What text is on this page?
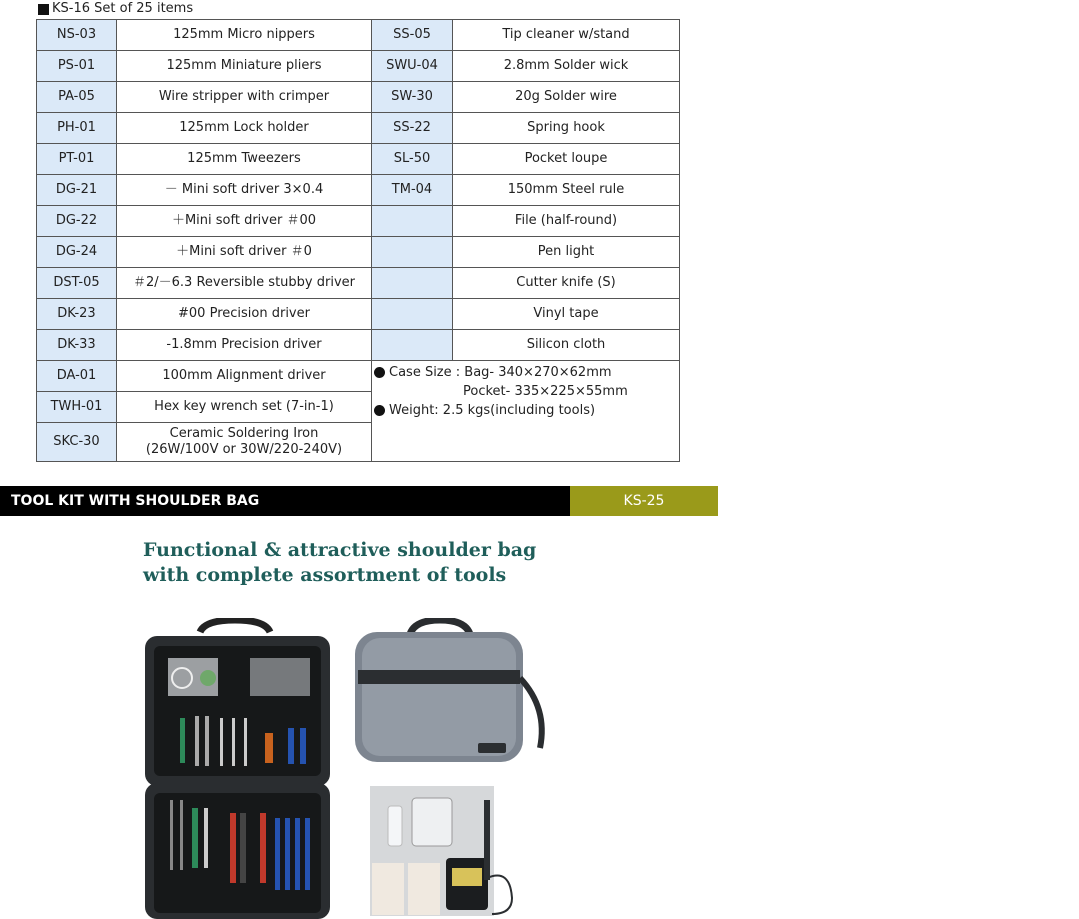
KS-16 Set of 25 items
NS-03	125mm Micro nippers	SS-05	Tip cleaner w/stand
PS-01	125mm Miniature pliers	SWU-04	2.8mm Solder wick
PA-05	Wire stripper with crimper	SW-30	20g Solder wire
PH-01	125mm Lock holder	SS-22	Spring hook
PT-01	125mm Tweezers	SL-50	Pocket loupe
DG-21	－ Mini soft driver 3×0.4	TM-04	150mm Steel rule
DG-22	＋Mini soft driver ＃00		File (half-round)
DG-24	＋Mini soft driver ＃0		Pen light
DST-05	＃2/－6.3 Reversible stubby driver		Cutter knife (S)
DK-23	#00 Precision driver		Vinyl tape
DK-33	-1.8mm Precision driver		Silicon cloth
DA-01	100mm Alignment driver	Case Size : Bag- 340×270×62mm
Pocket- 335×225×55mm
Weight: 2.5 kgs(including tools)	

TWH-01	Hex key wrench set (7-in-1)		
SKC-30	Ceramic Soldering Iron
(26W/100V or 30W/220-240V)		
TOOL KIT WITH SHOULDER BAG	KS-25
Functional & attractive shoulder bag
with complete assortment of tools
